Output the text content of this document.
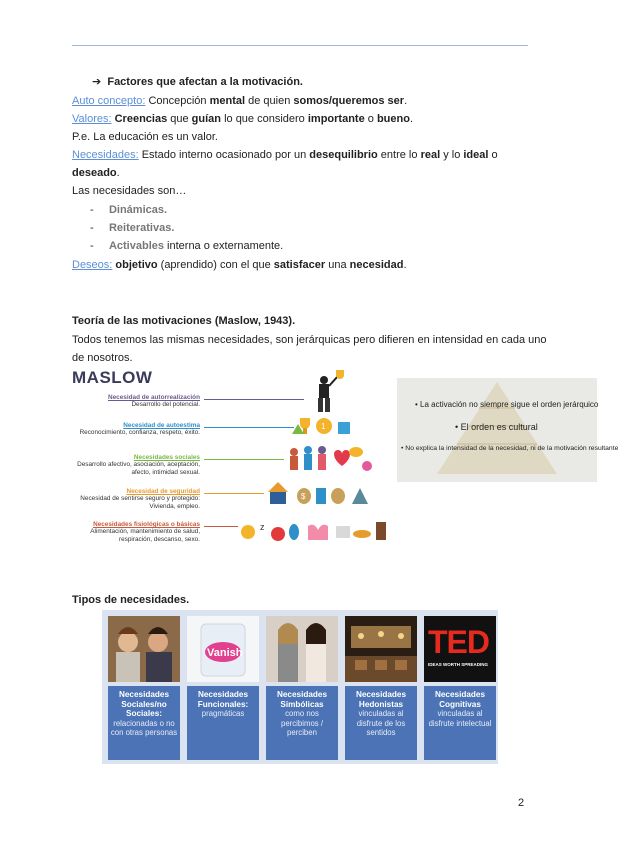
➔ Factores que afectan a la motivación.
Auto concepto: Concepción mental de quien somos/queremos ser.
Valores: Creencias que guían lo que considero importante o bueno.
P.e. La educación es un valor.
Necesidades: Estado interno ocasionado por un desequilibrio entre lo real y lo ideal o
deseado.
Las necesidades son…
-     Dinámicas.
-     Reiterativas.
-     Activables interna o externamente.
Deseos: objetivo (aprendido) con el que satisfacer una necesidad.
Teoría de las motivaciones (Maslow, 1943).
Todos tenemos las mismas necesidades, son jerárquicas pero difieren en intensidad en cada uno
de nosotros.
MASLOW
Necesidad de autorrealización
Desarrollo del potencial.
Necesidad de autoestima
Reconocimiento, confianza, respeto, éxito.
Necesidades sociales
Desarrollo afectivo, asociación, aceptación, afecto, intimidad sexual.
Necesidad de seguridad
Necesidad de sentirse seguro y protegido: Vivienda, empleo.
Necesidades fisiológicas o básicas
Alimentación, mantenimiento de salud, respiración, descanso, sexo.
1
$
z
• La activación no siempre sigue el orden jerárquico
• El orden es cultural
• No explica la intensidad de la necesidad, ni de la motivación resultante
Tipos de necesidades.
Vanish	TED
IDEAS WORTH SPREADING
Necesidades Sociales/no Sociales:
relacionadas o no con otras personas
Necesidades Funcionales:
pragmáticas
Necesidades Simbólicas
como nos percibimos / perciben
Necesidades Hedonistas
vinculadas al disfrute de los sentidos
Necesidades Cognitivas
vinculadas al disfrute intelectual
2
